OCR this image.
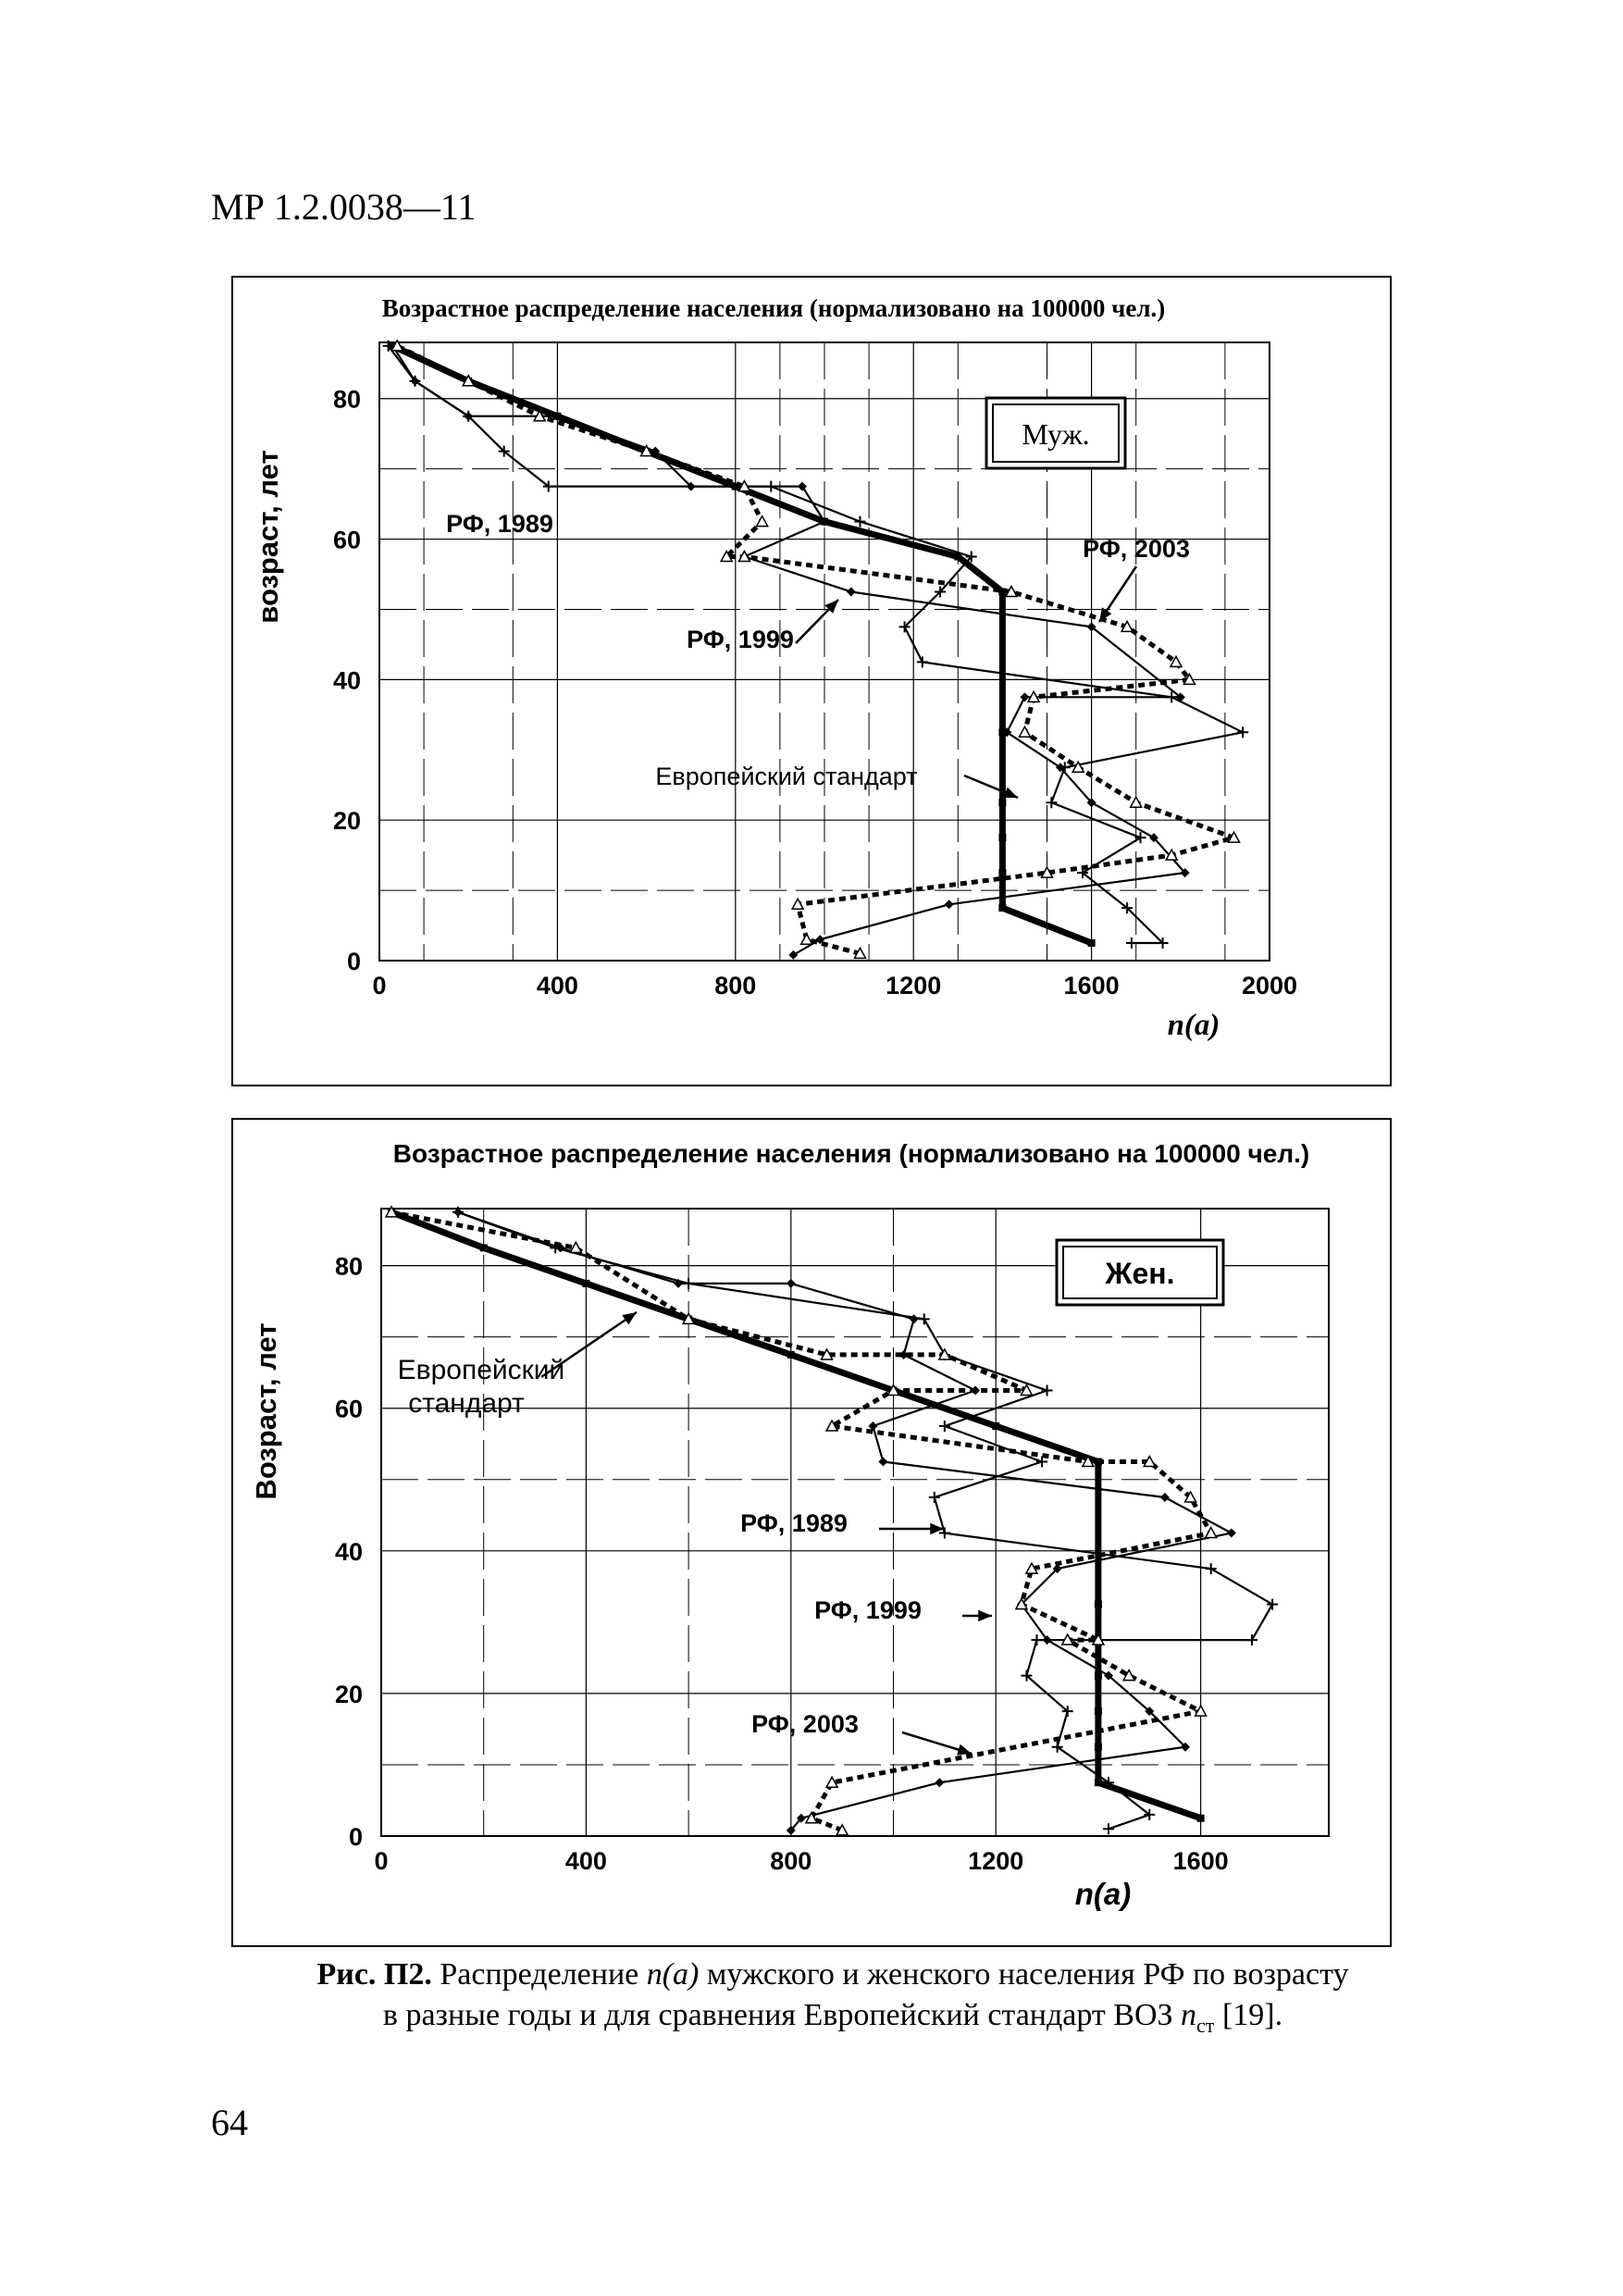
МР 1.2.0038—11
Возрастное распределение населения (нормализовано на 100000 чел.)
0	400	800	1200	1600	2000
0
20
40
60
80
возраст, лет
n(a)
Муж.
РФ, 1989
РФ, 2003
РФ, 1999
Европейский стандарт
Возрастное распределение населения (нормализовано на 100000 чел.)
0	400	800	1200	1600
0
20
40
60
80
Возраст, лет
n(a)
Жен.
Европейский
стандарт
РФ, 1989
РФ, 1999
РФ, 2003
Рис. П2. Распределение n(a) мужского и женского населения РФ по возрасту
в разные годы и для сравнения Европейский стандарт ВОЗ $n_{ст}$ [19].
64
